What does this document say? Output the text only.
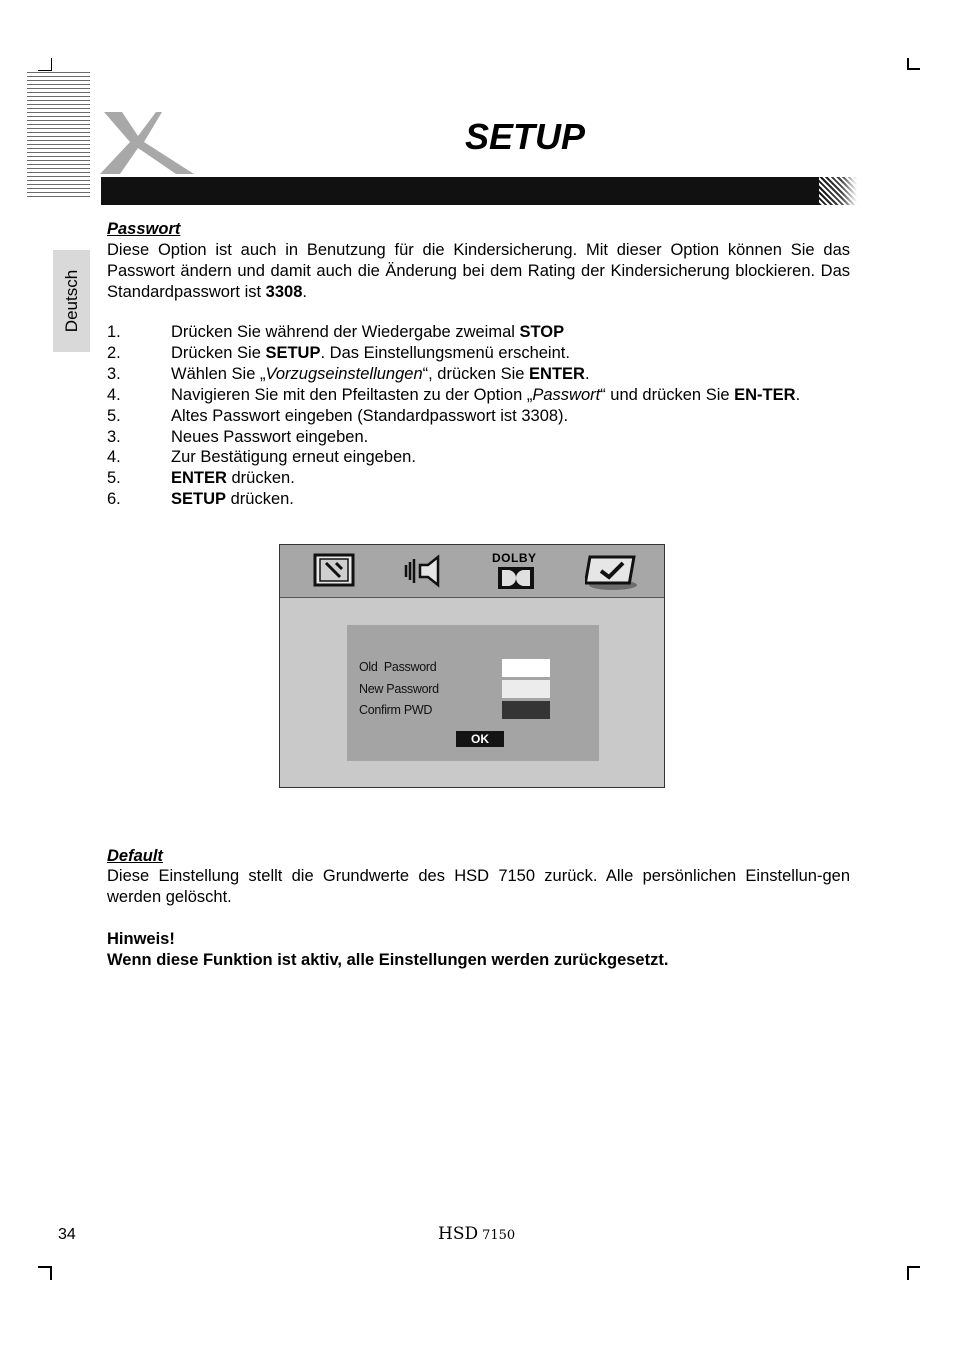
SETUP
Deutsch
Passwort
Diese Option ist auch in Benutzung für die Kindersicherung. Mit dieser Option können Sie das Passwort ändern und damit auch die Änderung bei dem Rating der Kindersicherung blockieren. Das Standardpasswort ist 3308.
1.	Drücken Sie während der Wiedergabe zweimal STOP
2.	Drücken Sie SETUP. Das Einstellungsmenü erscheint.
3.	Wählen Sie „Vorzugseinstellungen“, drücken Sie ENTER.
4.	Navigieren Sie mit den Pfeiltasten zu der Option „Passwort“ und drücken Sie EN-TER.
5.	Altes Passwort eingeben (Standardpasswort ist 3308).
3.	Neues Passwort eingeben.
4.	Zur Bestätigung erneut eingeben.
5.	ENTER drücken.
6.	SETUP drücken.
DOLBY
Old  Password
New Password
Confirm PWD
OK
Default
Diese Einstellung stellt die Grundwerte des HSD 7150 zurück. Alle persönlichen Einstellun-gen werden gelöscht.
Hinweis!
Wenn diese Funktion ist aktiv, alle Einstellungen werden zurückgesetzt.
34	HSD 7150
